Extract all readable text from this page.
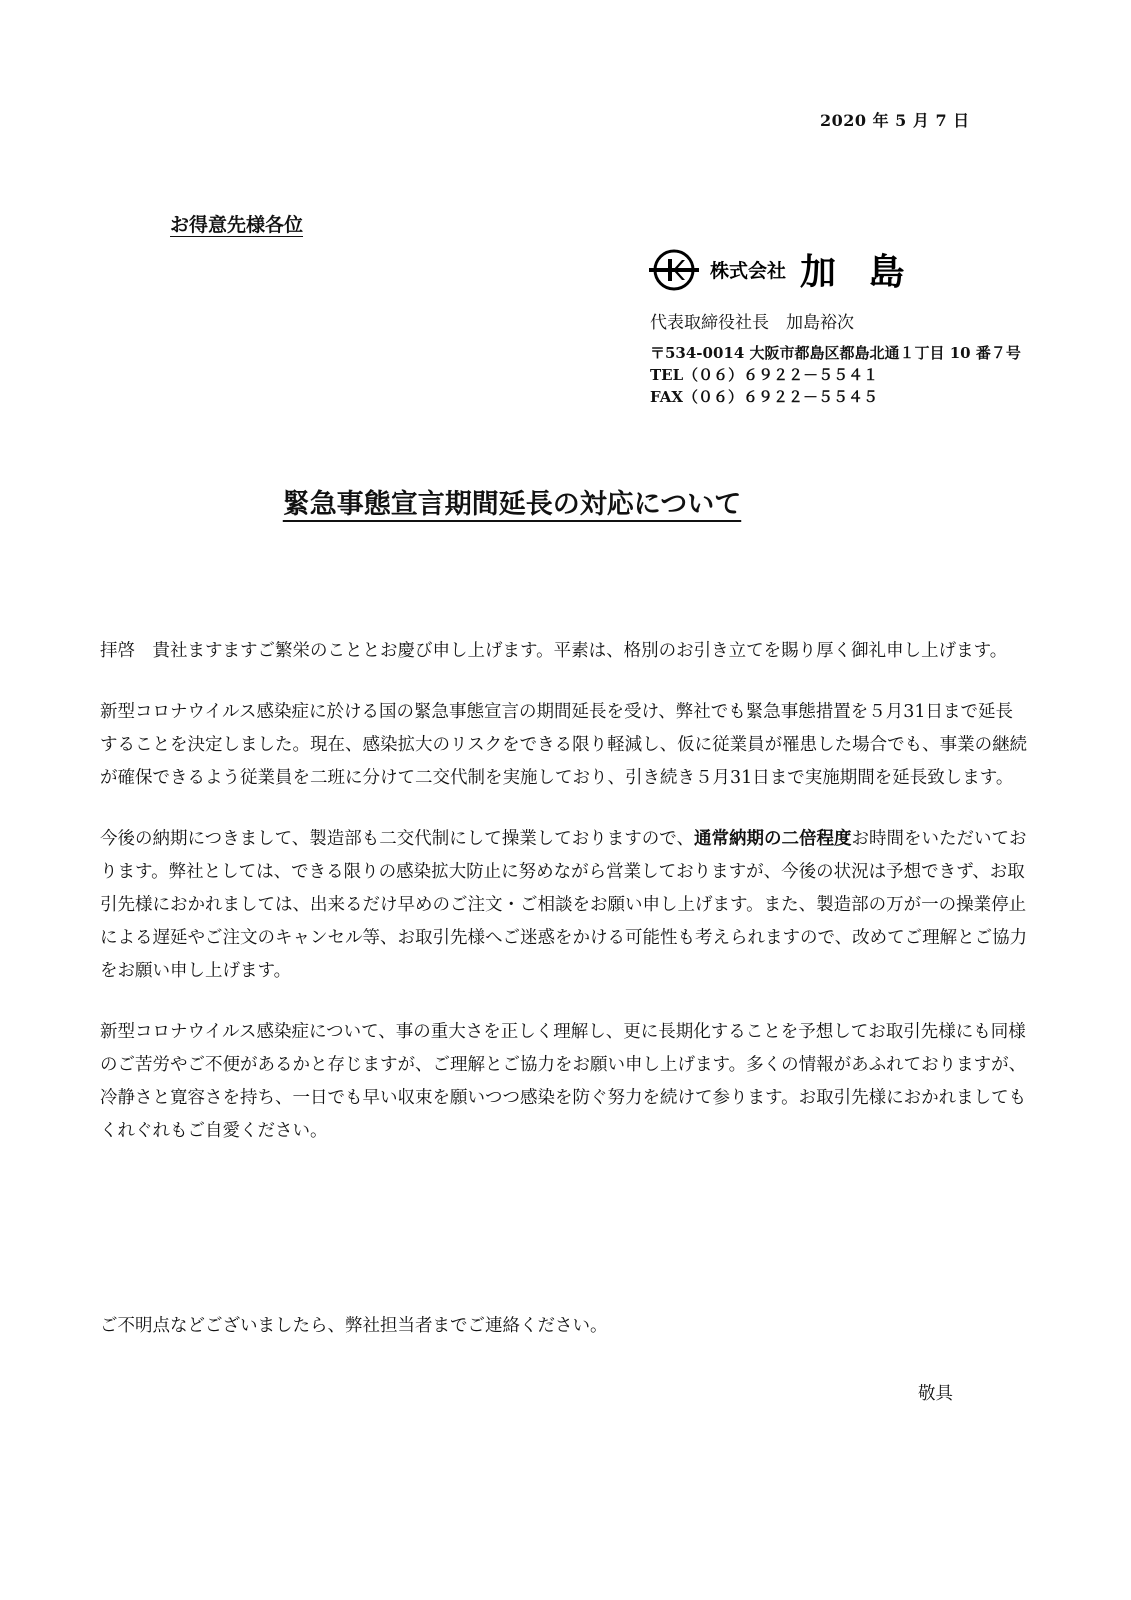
2020 年 5 月 7 日
お得意先様各位
株式会社 加 島
代表取締役社長　加島裕次
〒534-0014 大阪市都島区都島北通１丁目 10 番７号
TEL（０６）６９２２－５５４１
FAX（０６）６９２２－５５４５
緊急事態宣言期間延長の対応について

拝啓　貴社ますますご繁栄のこととお慶び申し上げます。平素は、格別のお引き立てを賜り厚く御礼申し上げます。

新型コロナウイルス感染症に於ける国の緊急事態宣言の期間延長を受け、弊社でも緊急事態措置を５月31日まで延長することを決定しました。現在、感染拡大のリスクをできる限り軽減し、仮に従業員が罹患した場合でも、事業の継続が確保できるよう従業員を二班に分けて二交代制を実施しており、引き続き５月31日まで実施期間を延長致します。

今後の納期につきまして、製造部も二交代制にして操業しておりますので、通常納期の二倍程度お時間をいただいております。弊社としては、できる限りの感染拡大防止に努めながら営業しておりますが、今後の状況は予想できず、お取引先様におかれましては、出来るだけ早めのご注文・ご相談をお願い申し上げます。また、製造部の万が一の操業停止による遅延やご注文のキャンセル等、お取引先様へご迷惑をかける可能性も考えられますので、改めてご理解とご協力をお願い申し上げます。

新型コロナウイルス感染症について、事の重大さを正しく理解し、更に長期化することを予想してお取引先様にも同様のご苦労やご不便があるかと存じますが、ご理解とご協力をお願い申し上げます。多くの情報があふれておりますが、冷静さと寛容さを持ち、一日でも早い収束を願いつつ感染を防ぐ努力を続けて参ります。お取引先様におかれましてもくれぐれもご自愛ください。

ご不明点などございましたら、弊社担当者までご連絡ください。
敬具
